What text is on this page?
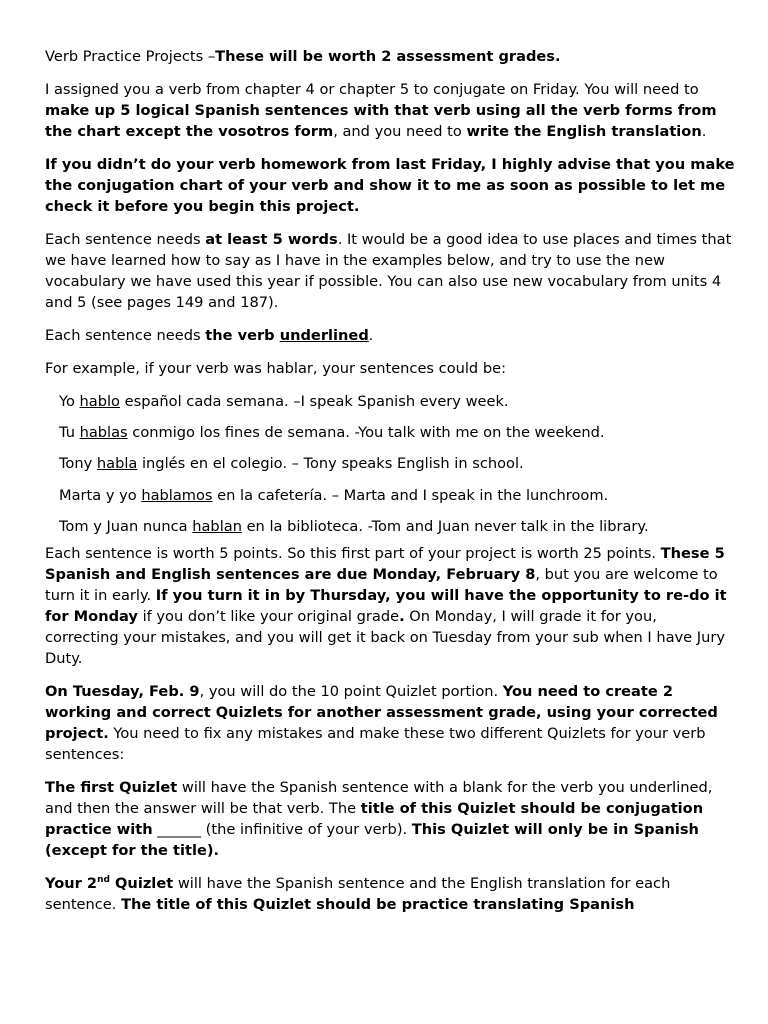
Verb Practice Projects –These will be worth 2 assessment grades.

I assigned you a verb from chapter 4 or chapter 5 to conjugate on Friday. You will need to make up 5 logical Spanish sentences with that verb using all the verb forms from the chart except the vosotros form, and you need to write the English translation.

If you didn’t do your verb homework from last Friday, I highly advise that you make the conjugation chart of your verb and show it to me as soon as possible to let me check it before you begin this project.

Each sentence needs at least 5 words. It would be a good idea to use places and times that we have learned how to say as I have in the examples below, and try to use the new vocabulary we have used this year if possible. You can also use new vocabulary from units 4 and 5 (see pages 149 and 187).

Each sentence needs the verb underlined.

For example, if your verb was hablar, your sentences could be:

Yo hablo español cada semana. –I speak Spanish every week.
Tu hablas conmigo los fines de semana. -You talk with me on the weekend.
Tony habla inglés en el colegio. – Tony speaks English in school.
Marta y yo hablamos en la cafetería. – Marta and I speak in the lunchroom.
Tom y Juan nunca hablan en la biblioteca. -Tom and Juan never talk in the library.

Each sentence is worth 5 points. So this first part of your project is worth 25 points. These 5 Spanish and English sentences are due Monday, February 8, but you are welcome to turn it in early. If you turn it in by Thursday, you will have the opportunity to re-do it for Monday if you don’t like your original grade. On Monday, I will grade it for you, correcting your mistakes, and you will get it back on Tuesday from your sub when I have Jury Duty.

On Tuesday, Feb. 9, you will do the 10 point Quizlet portion. You need to create 2 working and correct Quizlets for another assessment grade, using your corrected project. You need to fix any mistakes and make these two different Quizlets for your verb sentences:

The first Quizlet will have the Spanish sentence with a blank for the verb you underlined, and then the answer will be that verb. The title of this Quizlet should be conjugation practice with ______ (the infinitive of your verb). This Quizlet will only be in Spanish (except for the title).

Your 2nd Quizlet will have the Spanish sentence and the English translation for each sentence. The title of this Quizlet should be practice translating Spanish
